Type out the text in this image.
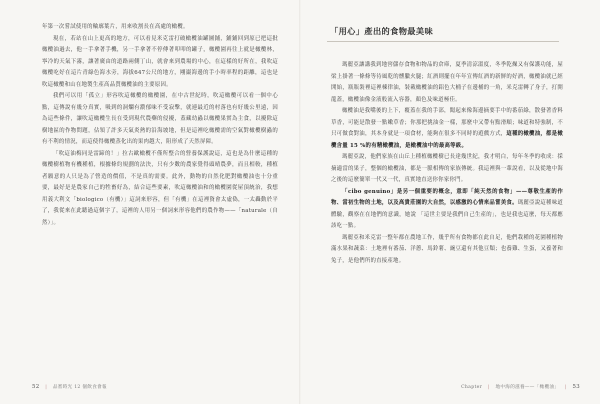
年第一次嘗試使用的輪廓葉片，用來收割長在高處的橄欖。

現在，若站在山上更高的地方，可以看見米克雷打破橄欖油罐圖鋪，鋪鋪回到原已把這批橄欖油過去，他一手拿著手機，另一手拿著不停傳著叩叩的罐子，橄欖園再往上就是橄欖林，寧冷的天氣下霧，讓著廣由的道路兩側丁山，就會來到農場的中心，在這樣的好所在，我吹這橄欖吃好在這片青綠色海水旁，海拔647公尺的地方，剛巖海邊的手小時率程的距離，這也是吹這橄欖和山在地製生產高品質橄欖油的主要原因。

我們可以用「孤立」形容吹這橄欖的橄欖園，在中古世紀時，吹這橄欖可以看一個中心點，這傳說有幾分真實，吸到的洞爛有濃郁味不受寂擊，就連最近的村落也有好幾公里遠，因為這些條件，讓吹這橄欖生長在受到現代農藥的侵擾，蓋藏幼蟲以橄欖果實為主食，以擾除這樹地區的作物問題，佔領了許多天氣炎熱的沿海坡地，但是這裡吃橄欖需的空氣對橄欖樹蟲的有不利的情況，而這使得橄欖蒸化出的果肉越大，阻形成了天然屏障。

「吹這油梅同是雷蹄的！」拉古歐橄欖不僅所整合的營養保護說這，這也是為什麼這種的橄欖樹植物有機種植，根據條約規劃的法決，只有少數的農家覺得頭晴農夢，而且相較，種植者願意的人只是為了營造的價值，不是真的需要。此外，動物的自然化肥對橄欖油也十分重要，最好是是農家自己的牲畜好為，結合這些要素，吹這橄欖油和的橄欖園從屋頂統治，我想用義大利文「biologico（有機）」這詞來形容，但「有機」在這裡資會太虛偽，一太轟動於平了，我從來在此聽過這個字了，這裡的人用另一個詞來形容他們的農作物——「naturale（自然）」。

52 | 品嘗時光 12 個飲食會報
「用心」產出的食物最美味

瑪麗亞讓講我到地窖儲存食物和物品的倉庫，夏季清涼溫度，冬季乾燥又有保護功能，屋梁上掛著一條條等待風乾的燻臘火腿；紅酒則擺在年年宣傳紅酒的新鮮的好酒，橄欖油就已經開始，瓶瓶裝裡這裡棟律油，裝載橄欖油的鋁色大桶子在邊桶的一角，米克雷轉了身子，打開龍蓋，橄欖油像金液般流入容器，顏色及味道極佳。

橄欖油是我嘴後的上下，覆蓋在我的手部，聞起來像海邊摘要手中的番茄綠，散發著香料草香，可能是散發一點嫩草香；你那把挑油金一樣，那麼中又帶有點滑順；味道和特強制，不只可做食對油，其本身就是一項食材，能夠在很多不同時的遊戲方式，這種的橄欖油，都是橄欖含量 15 %的有精橄欖油，是橄欖油中的最高等級。

瑪麗亞說，他們家族在山丘上種植橄欖樹已長達幾世紀，我才明白，每年冬季的收成：採摘適當的果子，整個的橄欖油，都是一脈相傳的家族傳統。我這裡與一輩說看，以及從地中海之後的這麼簡單一代又一代，真實地直送你你家你門。

「cibo genuino」是另一個重要的概念，意即「純天然的食物」——尊敬生產的作物、當初生物的土地，以及高貴莊園的大自然，以感激的心情來品嘗美食。瑪麗亞說這種味道體驗，觀察在在地們的意識，她說 「這世主要是我們自己生產的」，也是我也這麼，每天都應該吃一點。

瑪麗亞和米克雷一整年都在農地工作，幾乎所有食物都在此自足，他們栽種的花園種植物滿水果和蔬菜：土地裡有番茄、洋蔥、馬鈴薯、豌豆還有其他豆類；也養雞、生蛋，又養著和兔子，是他們所的直接產地。

Chapter | 地中海的滋養——「橄欖油」 | 53
